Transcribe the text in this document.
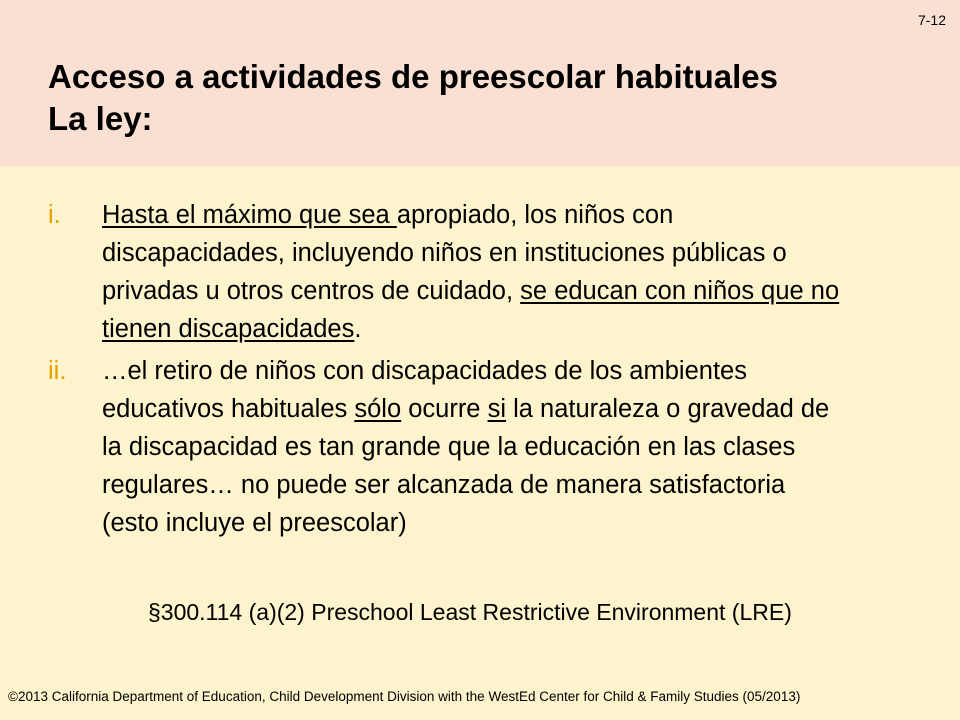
7-12
Acceso a actividades de preescolar habituales
La ley:
i. Hasta el máximo que sea apropiado, los niños con discapacidades, incluyendo niños en instituciones públicas o privadas u otros centros de cuidado, se educan con niños que no tienen discapacidades.
ii. …el retiro de niños con discapacidades de los ambientes educativos habituales sólo ocurre si la naturaleza o gravedad de la discapacidad es tan grande que la educación en las clases regulares… no puede ser alcanzada de manera satisfactoria (esto incluye el preescolar)
§300.114 (a)(2) Preschool Least Restrictive Environment (LRE)
©2013 California Department of Education, Child Development Division with the WestEd Center for Child & Family Studies (05/2013)
